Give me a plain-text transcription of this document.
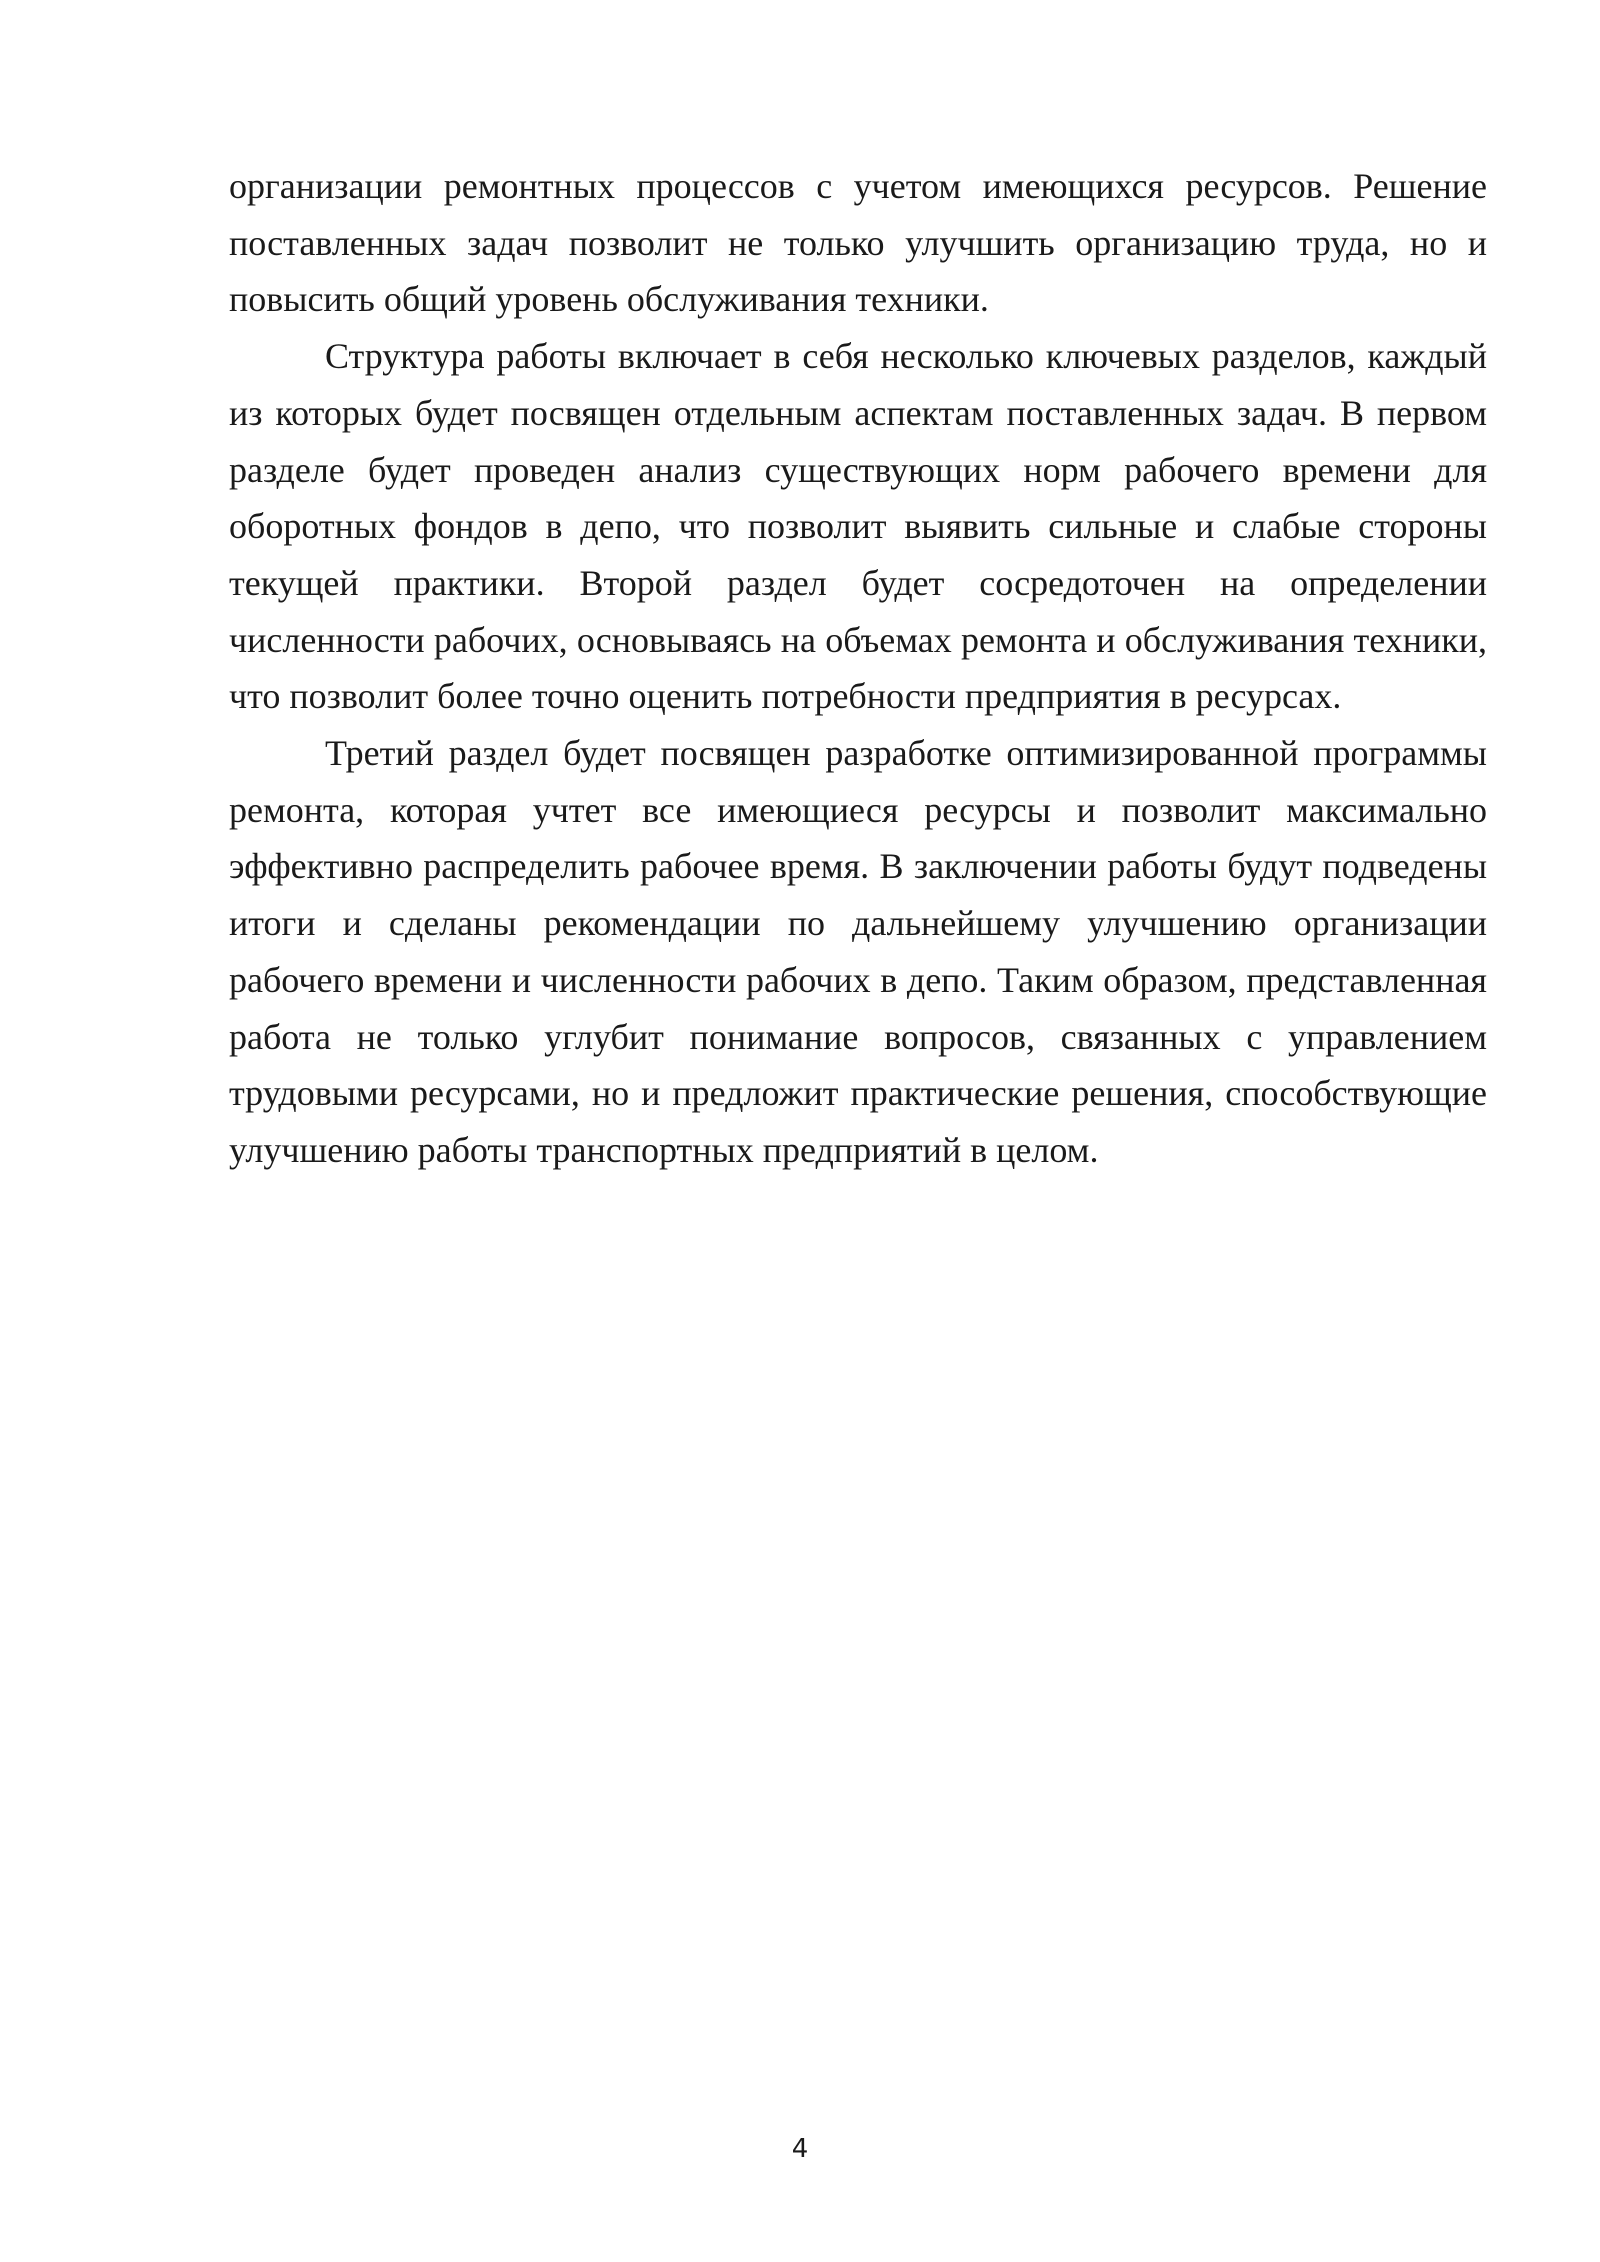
организации ремонтных процессов с учетом имеющихся ресурсов. Решение поставленных задач позволит не только улучшить организацию труда, но и повысить общий уровень обслуживания техники.

Структура работы включает в себя несколько ключевых разделов, каждый из которых будет посвящен отдельным аспектам поставленных задач. В первом разделе будет проведен анализ существующих норм рабочего времени для оборотных фондов в депо, что позволит выявить сильные и слабые стороны текущей практики. Второй раздел будет сосредоточен на определении численности рабочих, основываясь на объемах ремонта и обслуживания техники, что позволит более точно оценить потребности предприятия в ресурсах.

Третий раздел будет посвящен разработке оптимизированной программы ремонта, которая учтет все имеющиеся ресурсы и позволит максимально эффективно распределить рабочее время. В заключении работы будут подведены итоги и сделаны рекомендации по дальнейшему улучшению организации рабочего времени и численности рабочих в депо. Таким образом, представленная работа не только углубит понимание вопросов, связанных с управлением трудовыми ресурсами, но и предложит практические решения, способствующие улучшению работы транспортных предприятий в целом.

4
